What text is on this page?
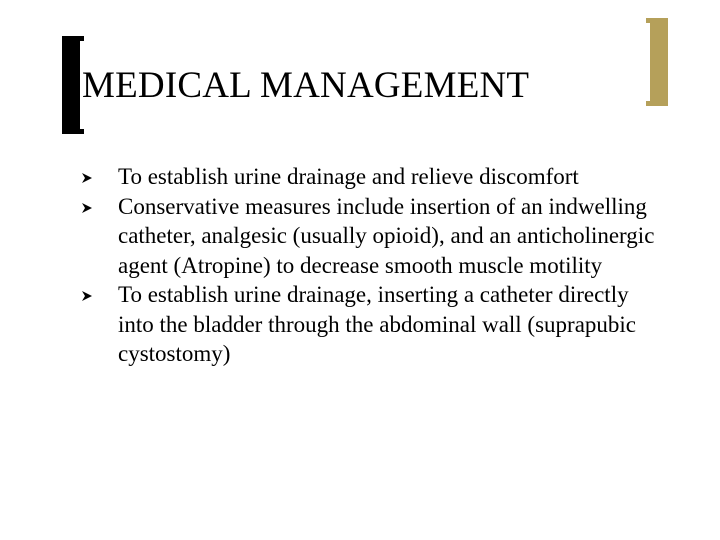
MEDICAL MANAGEMENT
To establish urine drainage and relieve discomfort
Conservative measures include insertion of an indwelling catheter, analgesic (usually opioid), and an anticholinergic agent (Atropine) to decrease smooth muscle motility
To establish urine drainage, inserting a catheter directly into the bladder through the abdominal wall (suprapubic cystostomy)
